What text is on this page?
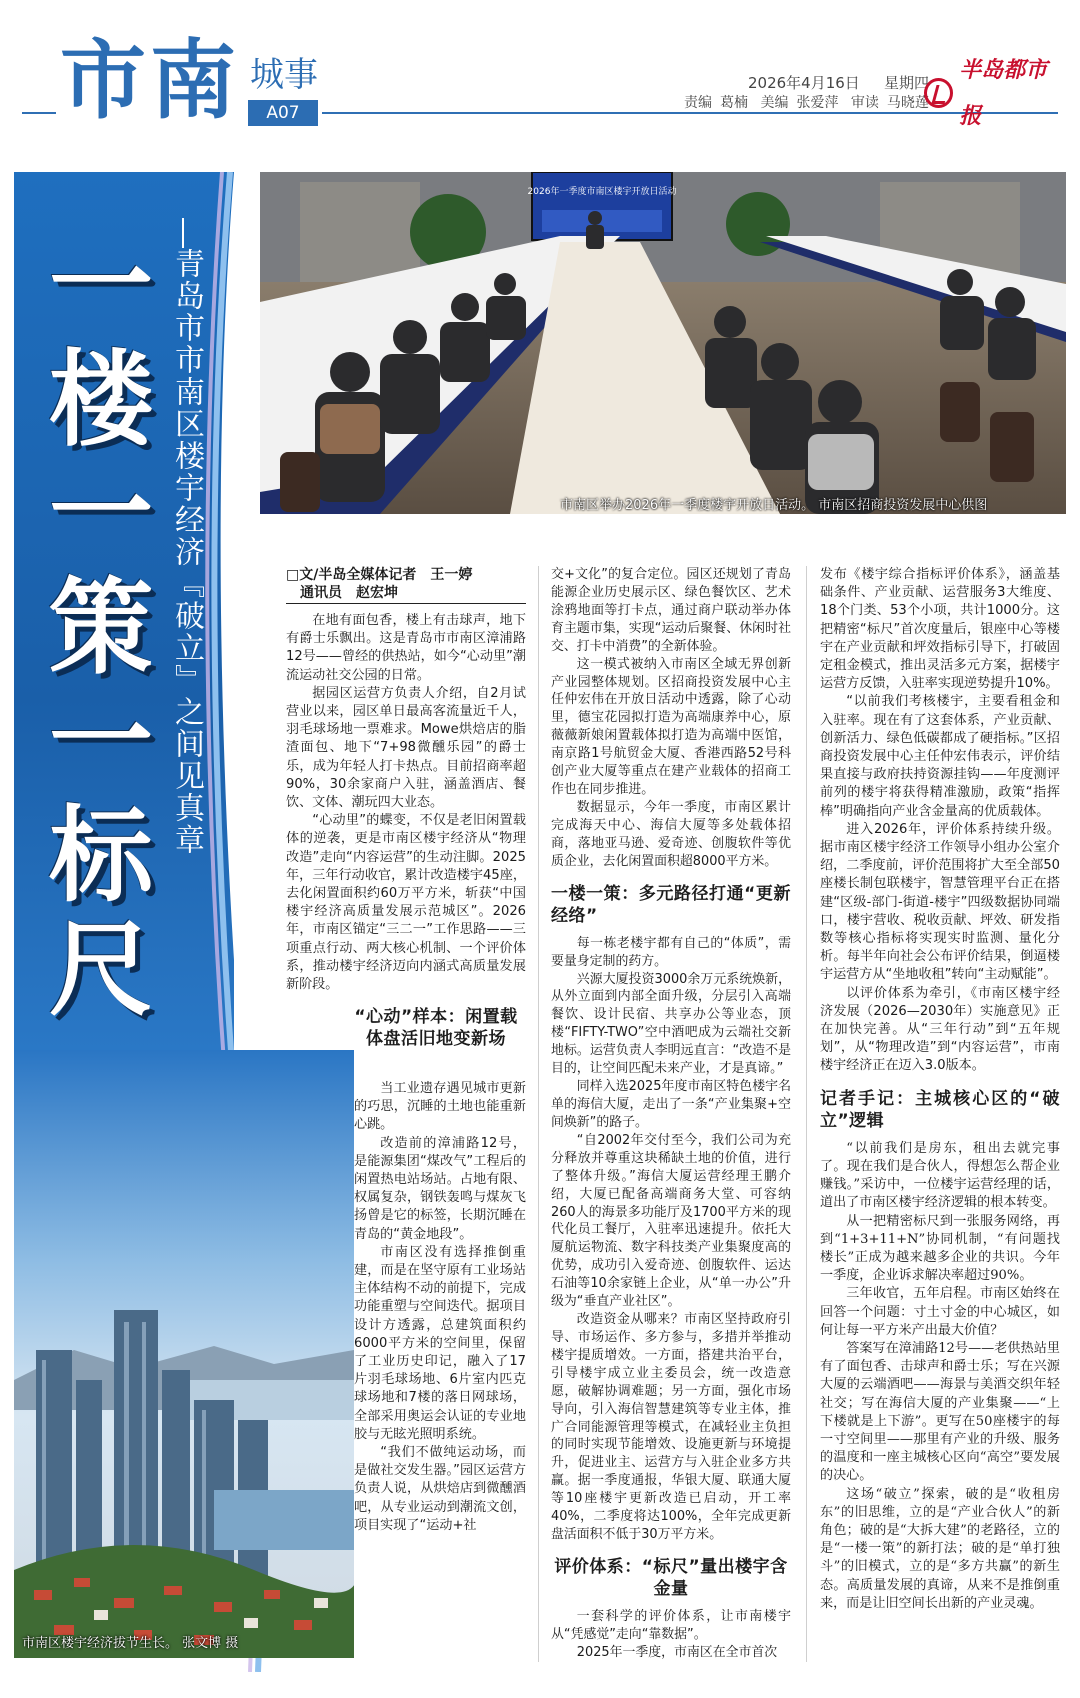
市南 城事
A07
2026年4月16日 星期四
责编 葛楠 美编 张爱萍 审读 马晓莲
半岛都市报
一楼一策一标尺 青岛市市南区楼宇经济『破立』之间见真章
2026年一季度市南区楼宇开放日活动
市南区举办2026年一季度楼宇开放日活动。 市南区招商投资发展中心供图
市南区楼宇经济拔节生长。 张文博 摄
□文/半岛全媒体记者　王一婷
通讯员　赵宏坤

在地有面包香，楼上有击球声，地下有爵士乐飘出。这是青岛市市南区漳浦路12号——曾经的供热站，如今“心动里”潮流运动社交公园的日常。

据园区运营方负责人介绍，自2月试营业以来，园区单日最高客流量近千人，羽毛球场地一票难求。Mowe烘焙店的脂渣面包、地下“7+98微醺乐园”的爵士乐，成为年轻人打卡热点。目前招商率超90%，30余家商户入驻，涵盖酒店、餐饮、文体、潮玩四大业态。

“心动里”的蝶变，不仅是老旧闲置载体的逆袭，更是市南区楼宇经济从“物理改造”走向“内容运营”的生动注脚。2025年，三年行动收官，累计改造楼宇45座，去化闲置面积约60万平方米，斩获“中国楼宇经济高质量发展示范城区”。2026年，市南区锚定“三二一”工作思路——三项重点行动、两大核心机制、一个评价体系，推动楼宇经济迈向内涵式高质量发展新阶段。

“心动”样本：闲置载体盘活旧地变新场

当工业遗存遇见城市更新的巧思，沉睡的土地也能重新心跳。

改造前的漳浦路12号，是能源集团“煤改气”工程后的闲置热电站场站。占地有限、权属复杂，钢铁轰鸣与煤灰飞扬曾是它的标签，长期沉睡在青岛的“黄金地段”。

市南区没有选择推倒重建，而是在坚守原有工业场站主体结构不动的前提下，完成功能重塑与空间迭代。据项目设计方透露，总建筑面积约6000平方米的空间里，保留了工业历史印记，融入了17片羽毛球场地、6片室内匹克球场地和7楼的落日网球场，全部采用奥运会认证的专业地胶与无眩光照明系统。

“我们不做纯运动场，而是做社交发生器。”园区运营方负责人说，从烘焙店到微醺酒吧，从专业运动到潮流文创，项目实现了“运动+社

交+文化”的复合定位。园区还规划了青岛能源企业历史展示区、绿色餐饮区、艺术涂鸦地面等打卡点，通过商户联动举办体育主题市集，实现“运动后聚餐、休闲时社交、打卡中消费”的全新体验。

这一模式被纳入市南区全域无界创新产业园整体规划。区招商投资发展中心主任仲宏伟在开放日活动中透露，除了心动里，德宝花园拟打造为高端康养中心，原薇薇新娘闲置载体拟打造为高端中医馆，南京路1号航贸金大厦、香港西路52号科创产业大厦等重点在建产业载体的招商工作也在同步推进。

数据显示，今年一季度，市南区累计完成海天中心、海信大厦等多处载体招商，落地亚马逊、爱奇迹、创腹软件等优质企业，去化闲置面积超8000平方米。

一楼一策：多元路径打通“更新经络”

每一栋老楼宇都有自己的“体质”，需要量身定制的药方。

兴源大厦投资3000余万元系统焕新，从外立面到内部全面升级，分层引入高端餐饮、设计民宿、共享办公等业态，顶楼“FIFTY-TWO”空中酒吧成为云端社交新地标。运营负责人李明远直言：“改造不是目的，让空间匹配未来产业，才是真谛。”

同样入选2025年度市南区特色楼宇名单的海信大厦，走出了一条“产业集聚+空间焕新”的路子。

“自2002年交付至今，我们公司为充分释放并尊重这块稀缺土地的价值，进行了整体升级。”海信大厦运营经理王鹏介绍，大厦已配备高端商务大堂、可容纳260人的海景多功能厅及1700平方米的现代化员工餐厅，入驻率迅速提升。依托大厦航运物流、数字科技类产业集聚度高的优势，成功引入爱奇迹、创腹软件、运达石油等10余家链上企业，从“单一办公”升级为“垂直产业社区”。

改造资金从哪来？市南区坚持政府引导、市场运作、多方参与，多措并举推动楼宇提质增效。一方面，搭建共治平台，引导楼宇成立业主委员会，统一改造意愿，破解协调难题；另一方面，强化市场导向，引入海信智慧建筑等专业主体，推广合同能源管理等模式，在减轻业主负担的同时实现节能增效、设施更新与环境提升，促进业主、运营方与入驻企业多方共赢。据一季度通报，华银大厦、联通大厦等10座楼宇更新改造已启动，开工率40%，二季度将达100%，全年完成更新盘活面积不低于30万平方米。

评价体系：“标尺”量出楼宇含金量

一套科学的评价体系，让市南楼宇从“凭感觉”走向“靠数据”。

2025年一季度，市南区在全市首次

发布《楼宇综合指标评价体系》，涵盖基础条件、产业贡献、运营服务3大维度、18个门类、53个小项，共计1000分。这把精密“标尺”首次度量后，银座中心等楼宇在产业贡献和坪效指标引导下，打破固定租金模式，推出灵活多元方案，据楼宇运营方反馈，入驻率实现逆势提升10%。

“以前我们考核楼宇，主要看租金和入驻率。现在有了这套体系，产业贡献、创新活力、绿色低碳都成了硬指标。”区招商投资发展中心主任仲宏伟表示，评价结果直接与政府扶持资源挂钩——年度测评前列的楼宇将获得精准激励，政策“指挥棒”明确指向产业含金量高的优质载体。

进入2026年，评价体系持续升级。据市南区楼宇经济工作领导小组办公室介绍，二季度前，评价范围将扩大至全部50座楼长制包联楼宇，智慧管理平台正在搭建“区级-部门-街道-楼宇”四级数据协同端口，楼宇营收、税收贡献、坪效、研发指数等核心指标将实现实时监测、量化分析。每半年向社会公布评价结果，倒逼楼宇运营方从“坐地收租”转向“主动赋能”。

以评价体系为牵引，《市南区楼宇经济发展（2026—2030年）实施意见》正在加快完善。从“三年行动”到“五年规划”，从“物理改造”到“内容运营”，市南楼宇经济正在迈入3.0版本。

记者手记：主城核心区的“破立”逻辑

“以前我们是房东，租出去就完事了。现在我们是合伙人，得想怎么帮企业赚钱。”采访中，一位楼宇运营经理的话，道出了市南区楼宇经济逻辑的根本转变。

从一把精密标尺到一张服务网络，再到“1+3+11+N”协同机制，“有问题找楼长”正成为越来越多企业的共识。今年一季度，企业诉求解决率超过90%。

三年收官，五年启程。市南区始终在回答一个问题：寸土寸金的中心城区，如何让每一平方米产出最大价值？

答案写在漳浦路12号——老供热站里有了面包香、击球声和爵士乐；写在兴源大厦的云端酒吧——海景与美酒交织年轻社交；写在海信大厦的产业集聚——“上下楼就是上下游”。更写在50座楼宇的每一寸空间里——那里有产业的升级、服务的温度和一座主城核心区向“高空”要发展的决心。

这场“破立”探索，破的是“收租房东”的旧思维，立的是“产业合伙人”的新角色；破的是“大拆大建”的老路径，立的是“一楼一策”的新打法；破的是“单打独斗”的旧模式，立的是“多方共赢”的新生态。高质量发展的真谛，从来不是推倒重来，而是让旧空间长出新的产业灵魂。
